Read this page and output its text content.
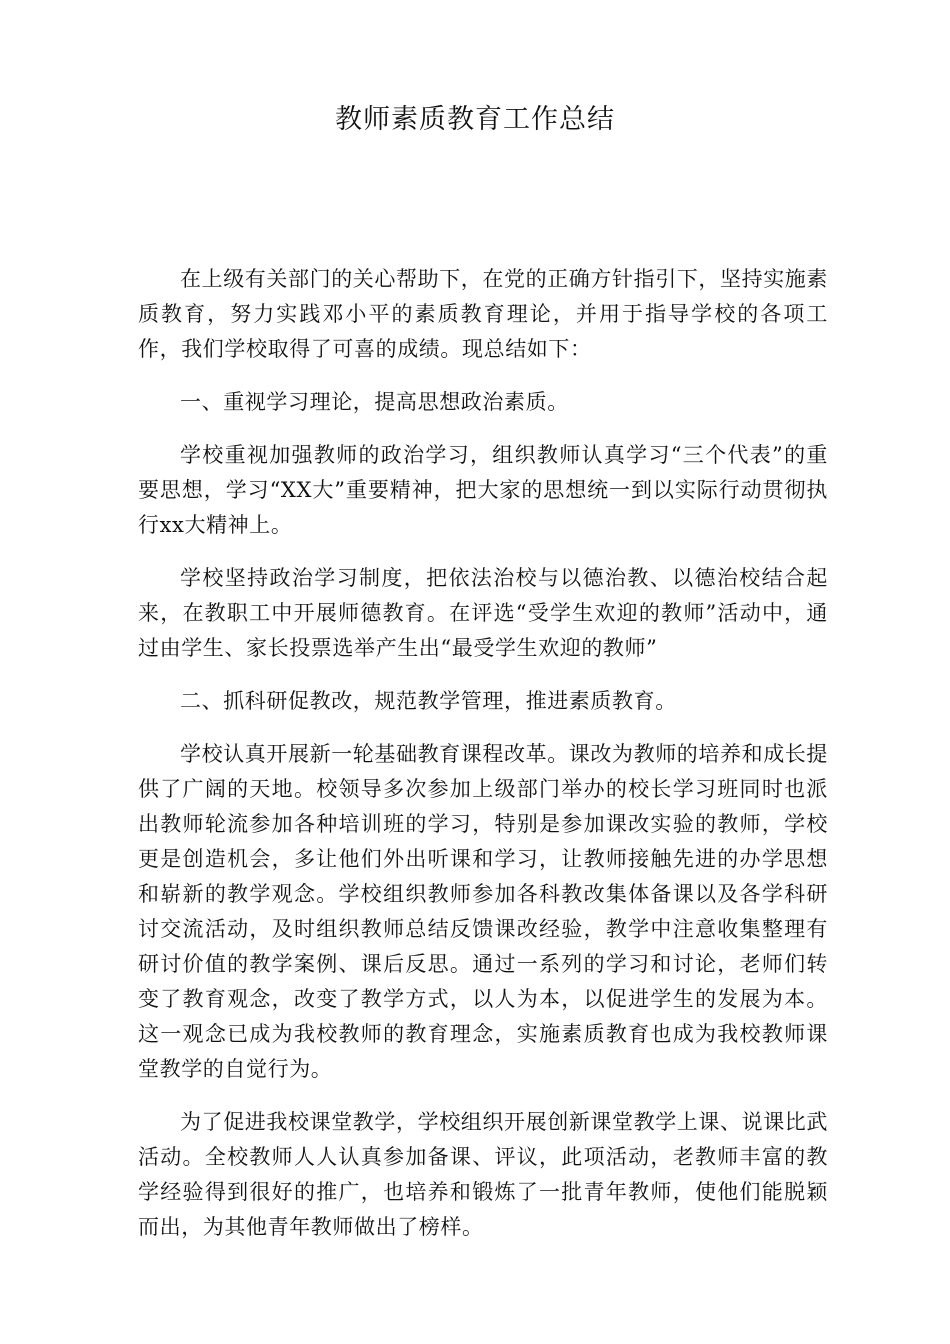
教师素质教育工作总结

在上级有关部门的关心帮助下，在党的正确方针指引下，坚持实施素质教育，努力实践邓小平的素质教育理论，并用于指导学校的各项工作，我们学校取得了可喜的成绩。现总结如下：

一、重视学习理论，提高思想政治素质。

学校重视加强教师的政治学习，组织教师认真学习“三个代表”的重要思想，学习“XX大”重要精神，把大家的思想统一到以实际行动贯彻执行xx大精神上。

学校坚持政治学习制度，把依法治校与以德治教、以德治校结合起来，在教职工中开展师德教育。在评选“受学生欢迎的教师”活动中，通过由学生、家长投票选举产生出“最受学生欢迎的教师”

二、抓科研促教改，规范教学管理，推进素质教育。

学校认真开展新一轮基础教育课程改革。课改为教师的培养和成长提供了广阔的天地。校领导多次参加上级部门举办的校长学习班同时也派出教师轮流参加各种培训班的学习，特别是参加课改实验的教师，学校更是创造机会，多让他们外出听课和学习，让教师接触先进的办学思想和崭新的教学观念。学校组织教师参加各科教改集体备课以及各学科研讨交流活动，及时组织教师总结反馈课改经验，教学中注意收集整理有研讨价值的教学案例、课后反思。通过一系列的学习和讨论，老师们转变了教育观念，改变了教学方式，以人为本，以促进学生的发展为本。这一观念已成为我校教师的教育理念，实施素质教育也成为我校教师课堂教学的自觉行为。

为了促进我校课堂教学，学校组织开展创新课堂教学上课、说课比武活动。全校教师人人认真参加备课、评议，此项活动，老教师丰富的教学经验得到很好的推广，也培养和锻炼了一批青年教师，使他们能脱颖而出，为其他青年教师做出了榜样。
